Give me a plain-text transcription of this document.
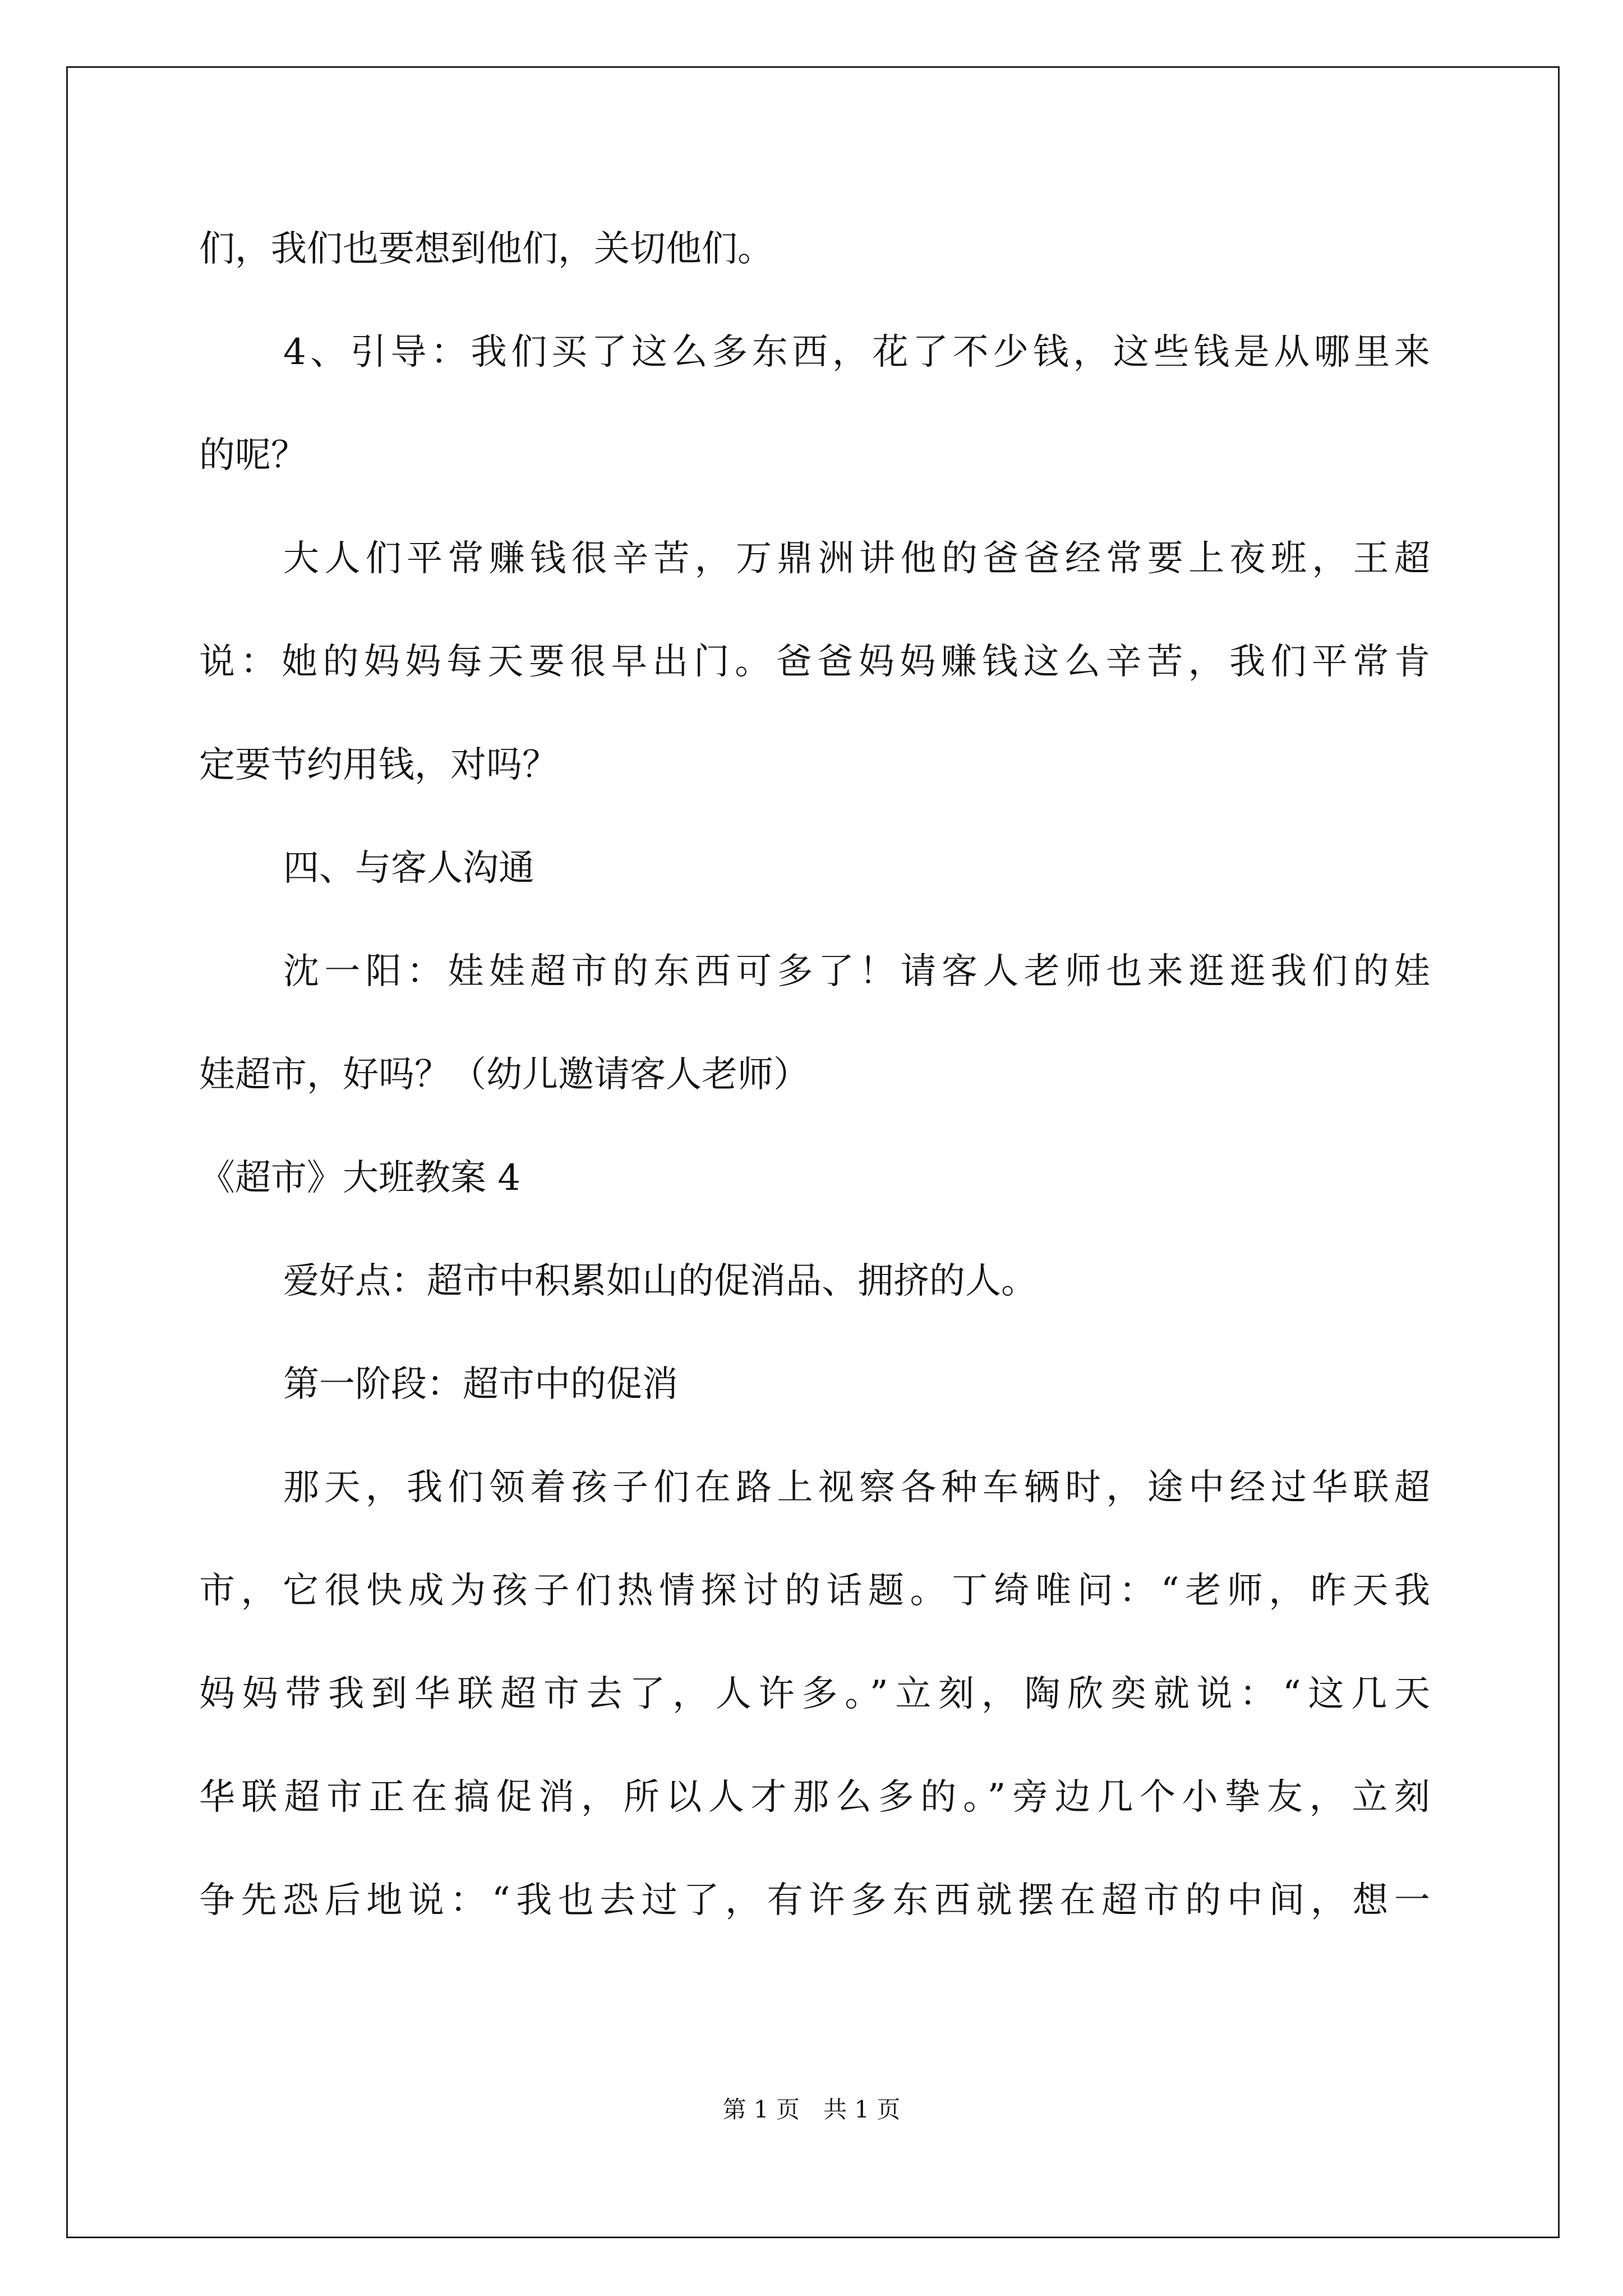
们，我们也要想到他们，关切他们。
4、引导：我们买了这么多东西，花了不少钱，这些钱是从哪里来
的呢？
大人们平常赚钱很辛苦，万鼎洲讲他的爸爸经常要上夜班，王超
说：她的妈妈每天要很早出门。爸爸妈妈赚钱这么辛苦，我们平常肯
定要节约用钱，对吗？
四、与客人沟通
沈一阳：娃娃超市的东西可多了！请客人老师也来逛逛我们的娃
娃超市，好吗？（幼儿邀请客人老师）
《超市》大班教案 4
爱好点：超市中积累如山的促消品、拥挤的人。
第一阶段：超市中的促消
那天，我们领着孩子们在路上视察各种车辆时，途中经过华联超
市，它很快成为孩子们热情探讨的话题。丁绮唯问：“老师，昨天我
妈妈带我到华联超市去了，人许多。”立刻，陶欣奕就说：“这几天
华联超市正在搞促消，所以人才那么多的。”旁边几个小挚友，立刻
争先恐后地说：“我也去过了，有许多东西就摆在超市的中间，想一
第 1 页　共 1 页
